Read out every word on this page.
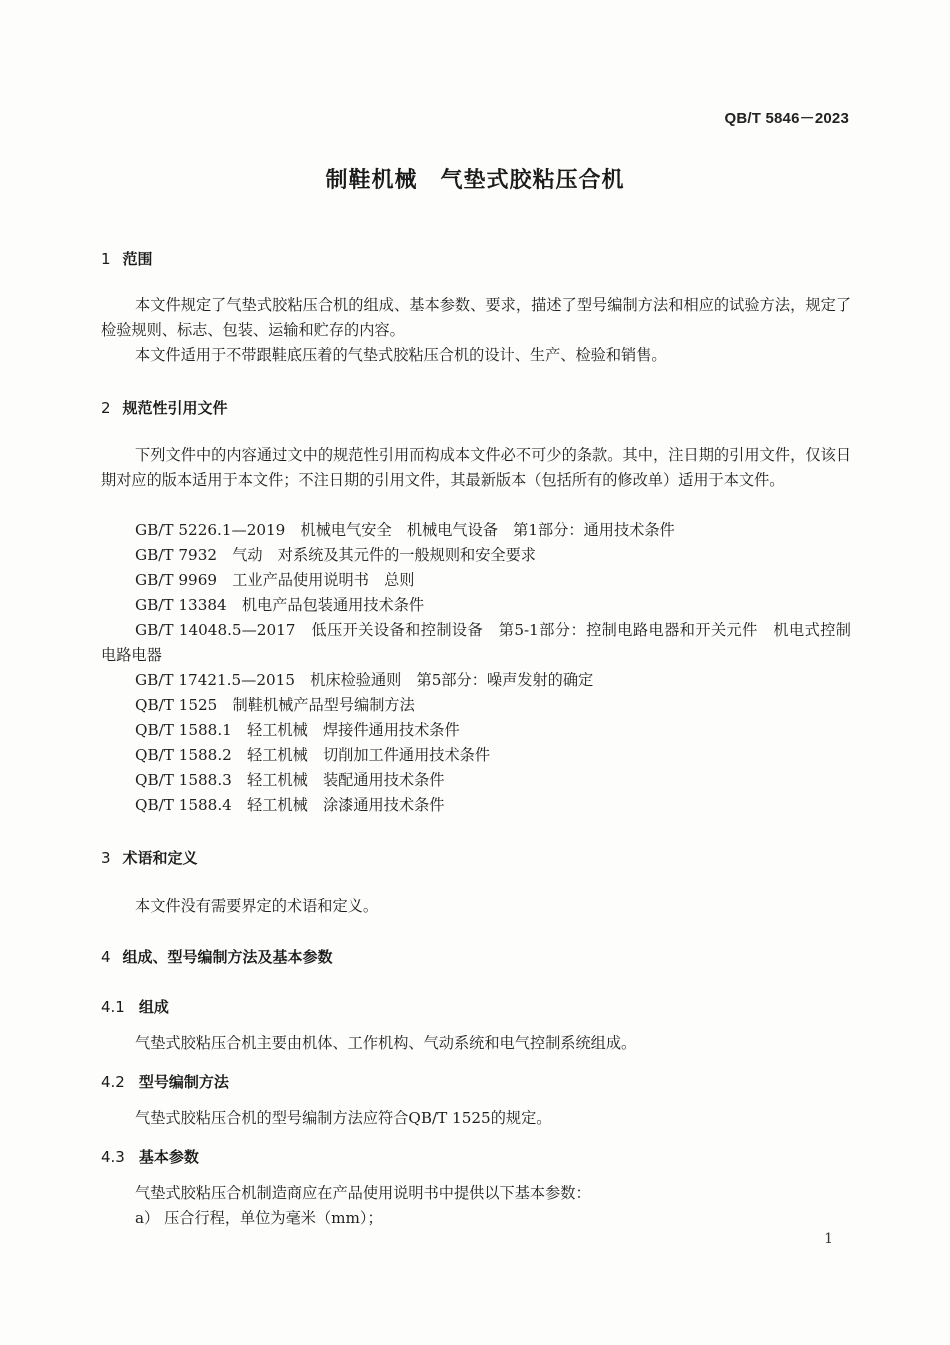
QB/T 5846－2023
制鞋机械　气垫式胶粘压合机
1 范围
本文件规定了气垫式胶粘压合机的组成、基本参数、要求，描述了型号编制方法和相应的试验方法，规定了检验规则、标志、包装、运输和贮存的内容。
本文件适用于不带跟鞋底压着的气垫式胶粘压合机的设计、生产、检验和销售。
2 规范性引用文件
下列文件中的内容通过文中的规范性引用而构成本文件必不可少的条款。其中，注日期的引用文件，仅该日期对应的版本适用于本文件；不注日期的引用文件，其最新版本（包括所有的修改单）适用于本文件。
GB/T 5226.1—2019　机械电气安全　机械电气设备　第1部分：通用技术条件
GB/T 7932　气动　对系统及其元件的一般规则和安全要求
GB/T 9969　工业产品使用说明书　总则
GB/T 13384　机电产品包装通用技术条件
GB/T 14048.5—2017　低压开关设备和控制设备　第5-1部分：控制电路电器和开关元件　机电式控制电路电器
GB/T 17421.5—2015　机床检验通则　第5部分：噪声发射的确定
QB/T 1525　制鞋机械产品型号编制方法
QB/T 1588.1　轻工机械　焊接件通用技术条件
QB/T 1588.2　轻工机械　切削加工件通用技术条件
QB/T 1588.3　轻工机械　装配通用技术条件
QB/T 1588.4　轻工机械　涂漆通用技术条件
3 术语和定义
本文件没有需要界定的术语和定义。
4 组成、型号编制方法及基本参数
4.1 组成
气垫式胶粘压合机主要由机体、工作机构、气动系统和电气控制系统组成。
4.2 型号编制方法
气垫式胶粘压合机的型号编制方法应符合QB/T 1525的规定。
4.3 基本参数
气垫式胶粘压合机制造商应在产品使用说明书中提供以下基本参数：
a） 压合行程，单位为毫米（mm）；
1
